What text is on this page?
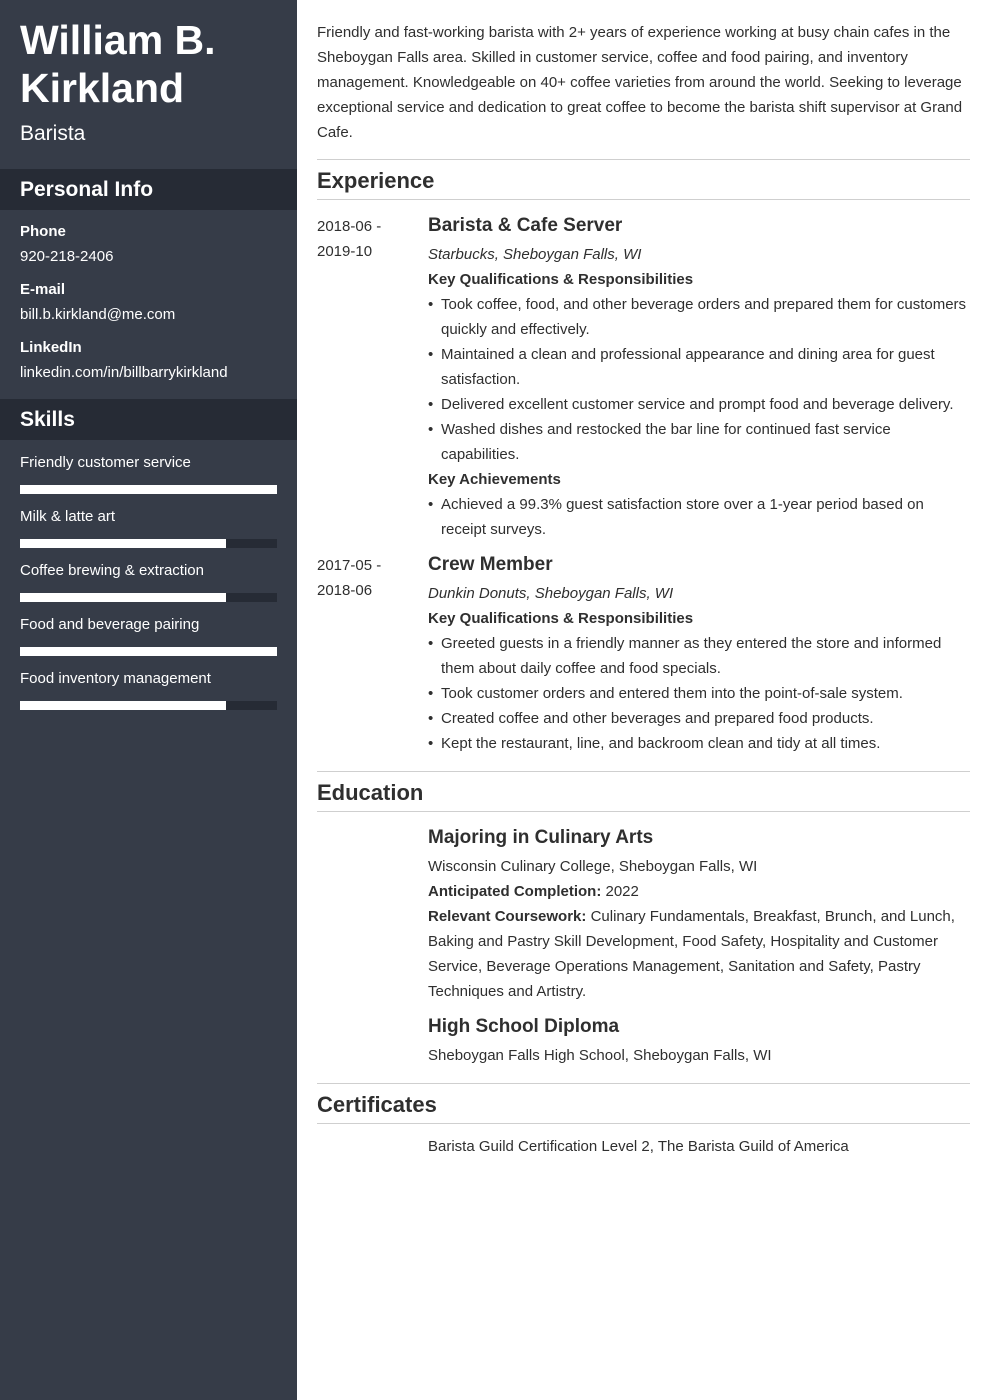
William B. Kirkland
Barista
Personal Info
Phone
920-218-2406
E-mail
bill.b.kirkland@me.com
LinkedIn
linkedin.com/in/billbarrykirkland
Skills
Friendly customer service
Milk & latte art
Coffee brewing & extraction
Food and beverage pairing
Food inventory management

Friendly and fast-working barista with 2+ years of experience working at busy chain cafes in the Sheboygan Falls area. Skilled in customer service, coffee and food pairing, and inventory management. Knowledgeable on 40+ coffee varieties from around the world. Seeking to leverage exceptional service and dedication to great coffee to become the barista shift supervisor at Grand Cafe.

Experience
2018-06 -
2019-10
Barista & Cafe Server
Starbucks, Sheboygan Falls, WI
Key Qualifications & Responsibilities
• Took coffee, food, and other beverage orders and prepared them for customers quickly and effectively.
• Maintained a clean and professional appearance and dining area for guest satisfaction.
• Delivered excellent customer service and prompt food and beverage delivery.
• Washed dishes and restocked the bar line for continued fast service capabilities.
Key Achievements
• Achieved a 99.3% guest satisfaction store over a 1-year period based on receipt surveys.
2017-05 -
2018-06
Crew Member
Dunkin Donuts, Sheboygan Falls, WI
Key Qualifications & Responsibilities
• Greeted guests in a friendly manner as they entered the store and informed them about daily coffee and food specials.
• Took customer orders and entered them into the point-of-sale system.
• Created coffee and other beverages and prepared food products.
• Kept the restaurant, line, and backroom clean and tidy at all times.
Education
Majoring in Culinary Arts
Wisconsin Culinary College, Sheboygan Falls, WI
Anticipated Completion: 2022
Relevant Coursework: Culinary Fundamentals, Breakfast, Brunch, and Lunch, Baking and Pastry Skill Development, Food Safety, Hospitality and Customer Service, Beverage Operations Management, Sanitation and Safety, Pastry Techniques and Artistry.
High School Diploma
Sheboygan Falls High School, Sheboygan Falls, WI
Certificates
Barista Guild Certification Level 2, The Barista Guild of America
